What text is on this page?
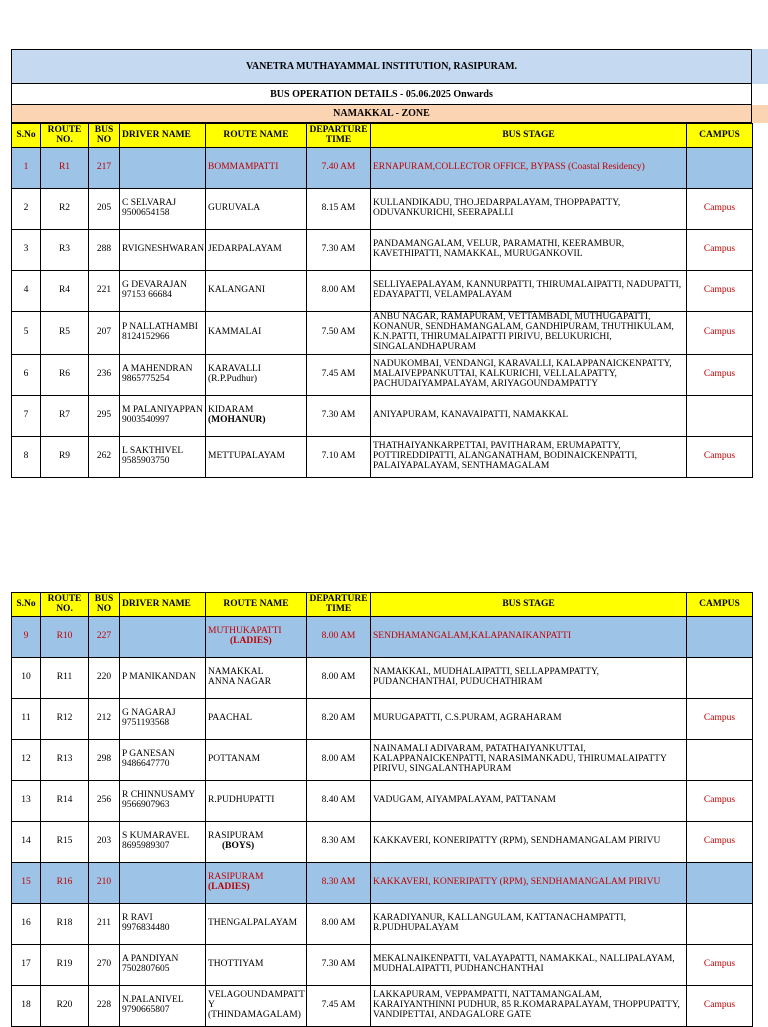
VANETRA MUTHAYAMMAL INSTITUTION, RASIPURAM.
BUS OPERATION DETAILS - 05.06.2025 Onwards
NAMAKKAL - ZONE
S.No	ROUTE NO.	BUS NO	DRIVER NAME	ROUTE NAME	DEPARTURE TIME	BUS STAGE	CAMPUS
1	R1	217		BOMMAMPATTI	7.40 AM	ERNAPURAM,COLLECTOR OFFICE, BYPASS (Coastal Residency)	
2	R2	205	C SELVARAJ
9500654158	GURUVALA	8.15 AM	KULLANDIKADU, THO.JEDARPALAYAM, THOPPAPATTY, ODUVANKURICHI, SEERAPALLI	Campus
3	R3	288	RVIGNESHWARAN	JEDARPALAYAM	7.30 AM	PANDAMANGALAM, VELUR, PARAMATHI, KEERAMBUR, KAVETHIPATTI, NAMAKKAL, MURUGANKOVIL	Campus
4	R4	221	G DEVARAJAN
97153 66684	KALANGANI	8.00 AM	SELLIYAEPALAYAM, KANNURPATTI, THIRUMALAIPATTI, NADUPATTI, EDAYAPATTI, VELAMPALAYAM	Campus
5	R5	207	P NALLATHAMBI
8124152966	KAMMALAI	7.50 AM	ANBU NAGAR, RAMAPURAM, VETTAMBADI, MUTHUGAPATTI, KONANUR, SENDHAMANGALAM, GANDHIPURAM, THUTHIKULAM, K.N.PATTI, THIRUMALAIPATTI PIRIVU, BELUKURICHI, SINGALANDHAPURAM	Campus
6	R6	236	A MAHENDRAN
9865775254	KARAVALLI
(R.P.Pudhur)	7.45 AM	NADUKOMBAI, VENDANGI, KARAVALLI, KALAPPANAICKENPATTY, MALAIVEPPANKUTTAI, KALKURICHI, VELLALAPATTY, PACHUDAIYAMPALAYAM, ARIYAGOUNDAMPATTY	Campus
7	R7	295	M PALANIYAPPAN
9003540997	KIDARAM
(MOHANUR)	7.30 AM	ANIYAPURAM, KANAVAIPATTI, NAMAKKAL	
8	R9	262	L SAKTHIVEL
9585903750	METTUPALAYAM	7.10 AM	THATHAIYANKARPETTAI, PAVITHARAM, ERUMAPATTY, POTTIREDDIPATTI, ALANGANATHAM, BODINAICKENPATTI, PALAIYAPALAYAM, SENTHAMAGALAM	Campus
S.No	ROUTE NO.	BUS NO	DRIVER NAME	ROUTE NAME	DEPARTURE TIME	BUS STAGE	CAMPUS
9	R10	227		MUTHUKAPATTI
(LADIES)	8.00 AM	SENDHAMANGALAM,KALAPANAIKANPATTI	
10	R11	220	P MANIKANDAN	NAMAKKAL
ANNA NAGAR	8.00 AM	NAMAKKAL, MUDHALAIPATTI, SELLAPPAMPATTY, PUDANCHANTHAI, PUDUCHATHIRAM	
11	R12	212	G NAGARAJ
9751193568	PAACHAL	8.20 AM	MURUGAPATTI, C.S.PURAM, AGRAHARAM	Campus
12	R13	298	P GANESAN
9486647770	POTTANAM	8.00 AM	NAINAMALI ADIVARAM, PATATHAIYANKUTTAI, KALAPPANAICKENPATTI, NARASIMANKADU, THIRUMALAIPATTY PIRIVU, SINGALANTHAPURAM	
13	R14	256	R CHINNUSAMY
9566907963	R.PUDHUPATTI	8.40 AM	VADUGAM, AIYAMPALAYAM, PATTANAM	Campus
14	R15	203	S KUMARAVEL
8695989307	RASIPURAM
(BOYS)	8.30 AM	KAKKAVERI, KONERIPATTY (RPM), SENDHAMANGALAM PIRIVU	Campus
15	R16	210		RASIPURAM
(LADIES)	8.30 AM	KAKKAVERI, KONERIPATTY (RPM), SENDHAMANGALAM PIRIVU	
16	R18	211	R RAVI
9976834480	THENGALPALAYAM	8.00 AM	KARADIYANUR, KALLANGULAM, KATTANACHAMPATTI, R.PUDHUPALAYAM	
17	R19	270	A PANDIYAN
7502807605	THOTTIYAM	7.30 AM	MEKALNAIKENPATTI, VALAYAPATTI, NAMAKKAL, NALLIPALAYAM, MUDHALAIPATTI, PUDHANCHANTHAI	Campus
18	R20	228	N.PALANIVEL
9790665807	VELAGOUNDAMPATT Y
(THINDAMAGALAM)	7.45 AM	LAKKAPURAM, VEPPAMPATTI, NATTAMANGALAM, KARAIYANTHINNI PUDHUR, 85 R.KOMARAPALAYAM, THOPPUPATTY, VANDIPETTAI, ANDAGALORE GATE	Campus
